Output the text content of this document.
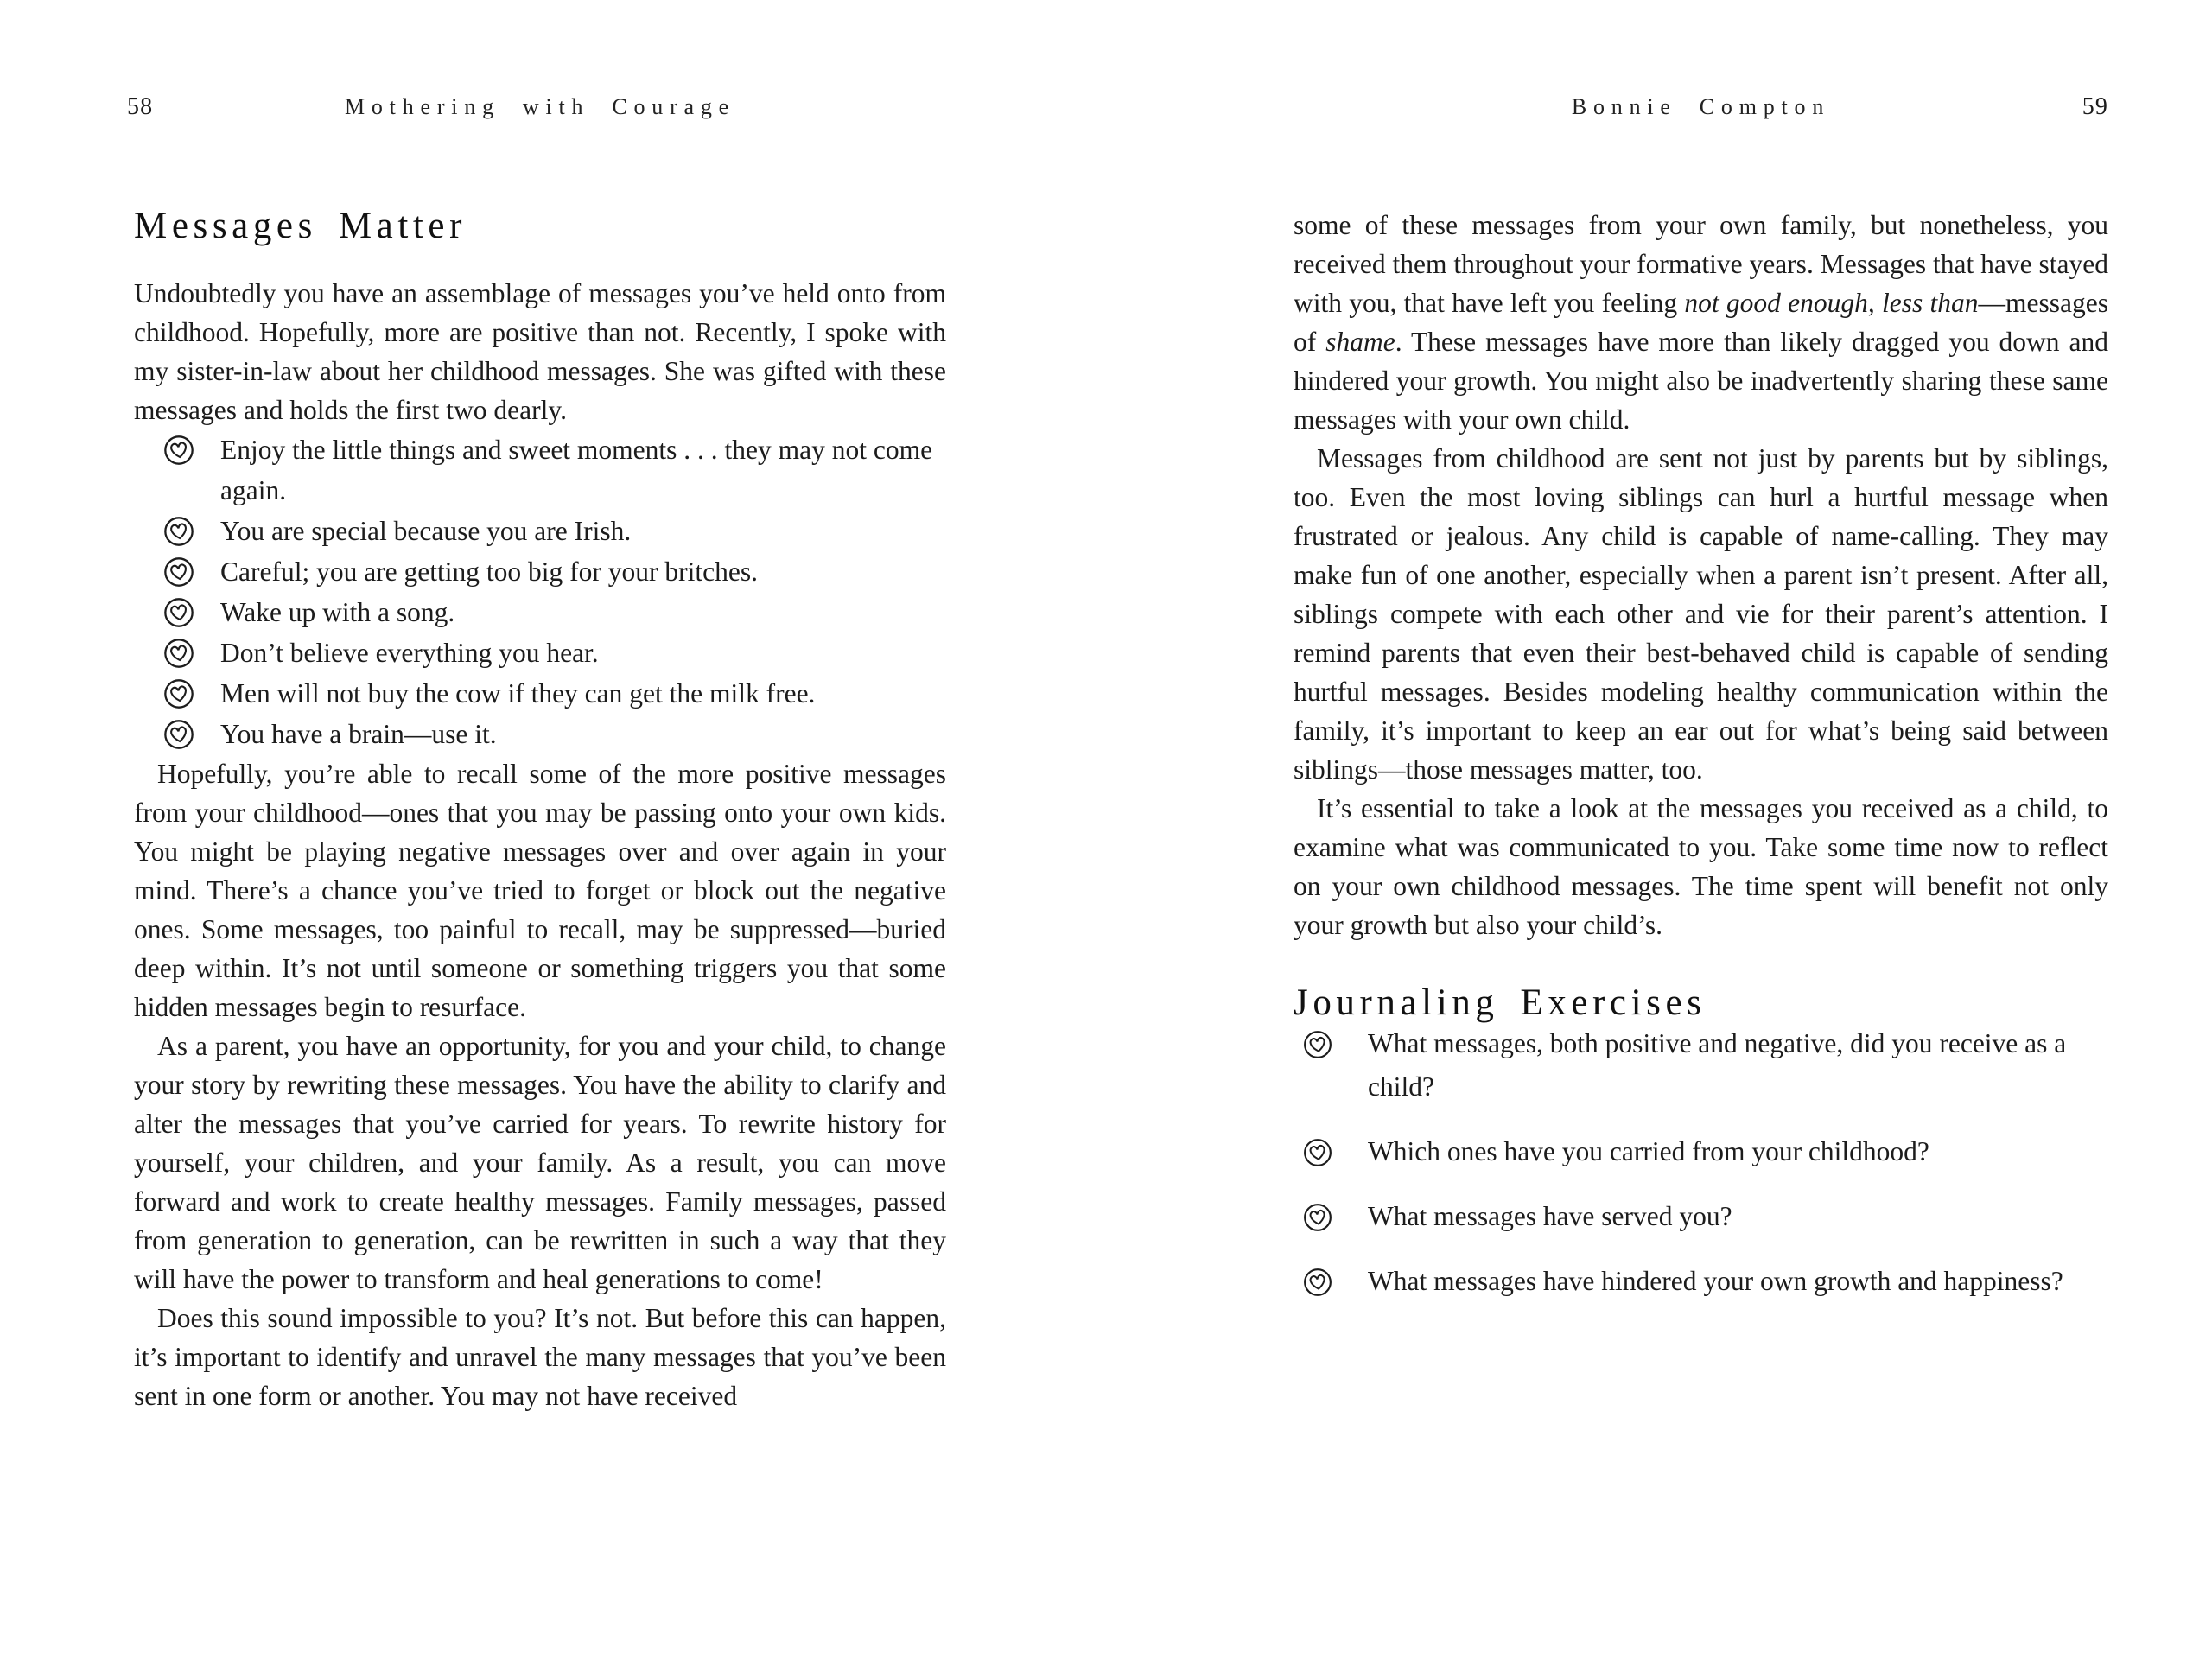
58	Mothering with Courage
Messages Matter

Undoubtedly you have an assemblage of messages you’ve held onto from childhood. Hopefully, more are positive than not. Recently, I spoke with my sister-in-law about her childhood messages. She was gifted with these messages and holds the first two dearly.

Enjoy the little things and sweet moments . . . they may not come again.
You are special because you are Irish.
Careful; you are getting too big for your britches.
Wake up with a song.
Don’t believe everything you hear.
Men will not buy the cow if they can get the milk free.
You have a brain—use it.

Hopefully, you’re able to recall some of the more positive messages from your childhood—ones that you may be passing onto your own kids. You might be playing negative messages over and over again in your mind. There’s a chance you’ve tried to forget or block out the negative ones. Some messages, too painful to recall, may be suppressed—buried deep within. It’s not until someone or something triggers you that some hidden messages begin to resurface.

As a parent, you have an opportunity, for you and your child, to change your story by rewriting these messages. You have the ability to clarify and alter the messages that you’ve carried for years. To rewrite history for yourself, your children, and your family. As a result, you can move forward and work to create healthy messages. Family messages, passed from generation to generation, can be rewritten in such a way that they will have the power to transform and heal generations to come!

Does this sound impossible to you? It’s not. But before this can happen, it’s important to identify and unravel the many messages that you’ve been sent in one form or another. You may not have received

Bonnie Compton	59

some of these messages from your own family, but nonetheless, you received them throughout your formative years. Messages that have stayed with you, that have left you feeling not good enough, less than—messages of shame. These messages have more than likely dragged you down and hindered your growth. You might also be inadvertently sharing these same messages with your own child.

Messages from childhood are sent not just by parents but by siblings, too. Even the most loving siblings can hurl a hurtful message when frustrated or jealous. Any child is capable of name-calling. They may make fun of one another, especially when a parent isn’t present. After all, siblings compete with each other and vie for their parent’s attention. I remind parents that even their best-behaved child is capable of sending hurtful messages. Besides modeling healthy communication within the family, it’s important to keep an ear out for what’s being said between siblings—those messages matter, too.

It’s essential to take a look at the messages you received as a child, to examine what was communicated to you. Take some time now to reflect on your own childhood messages. The time spent will benefit not only your growth but also your child’s.

Journaling Exercises
What messages, both positive and negative, did you receive as a child?
Which ones have you carried from your childhood?
What messages have served you?
What messages have hindered your own growth and happiness?
